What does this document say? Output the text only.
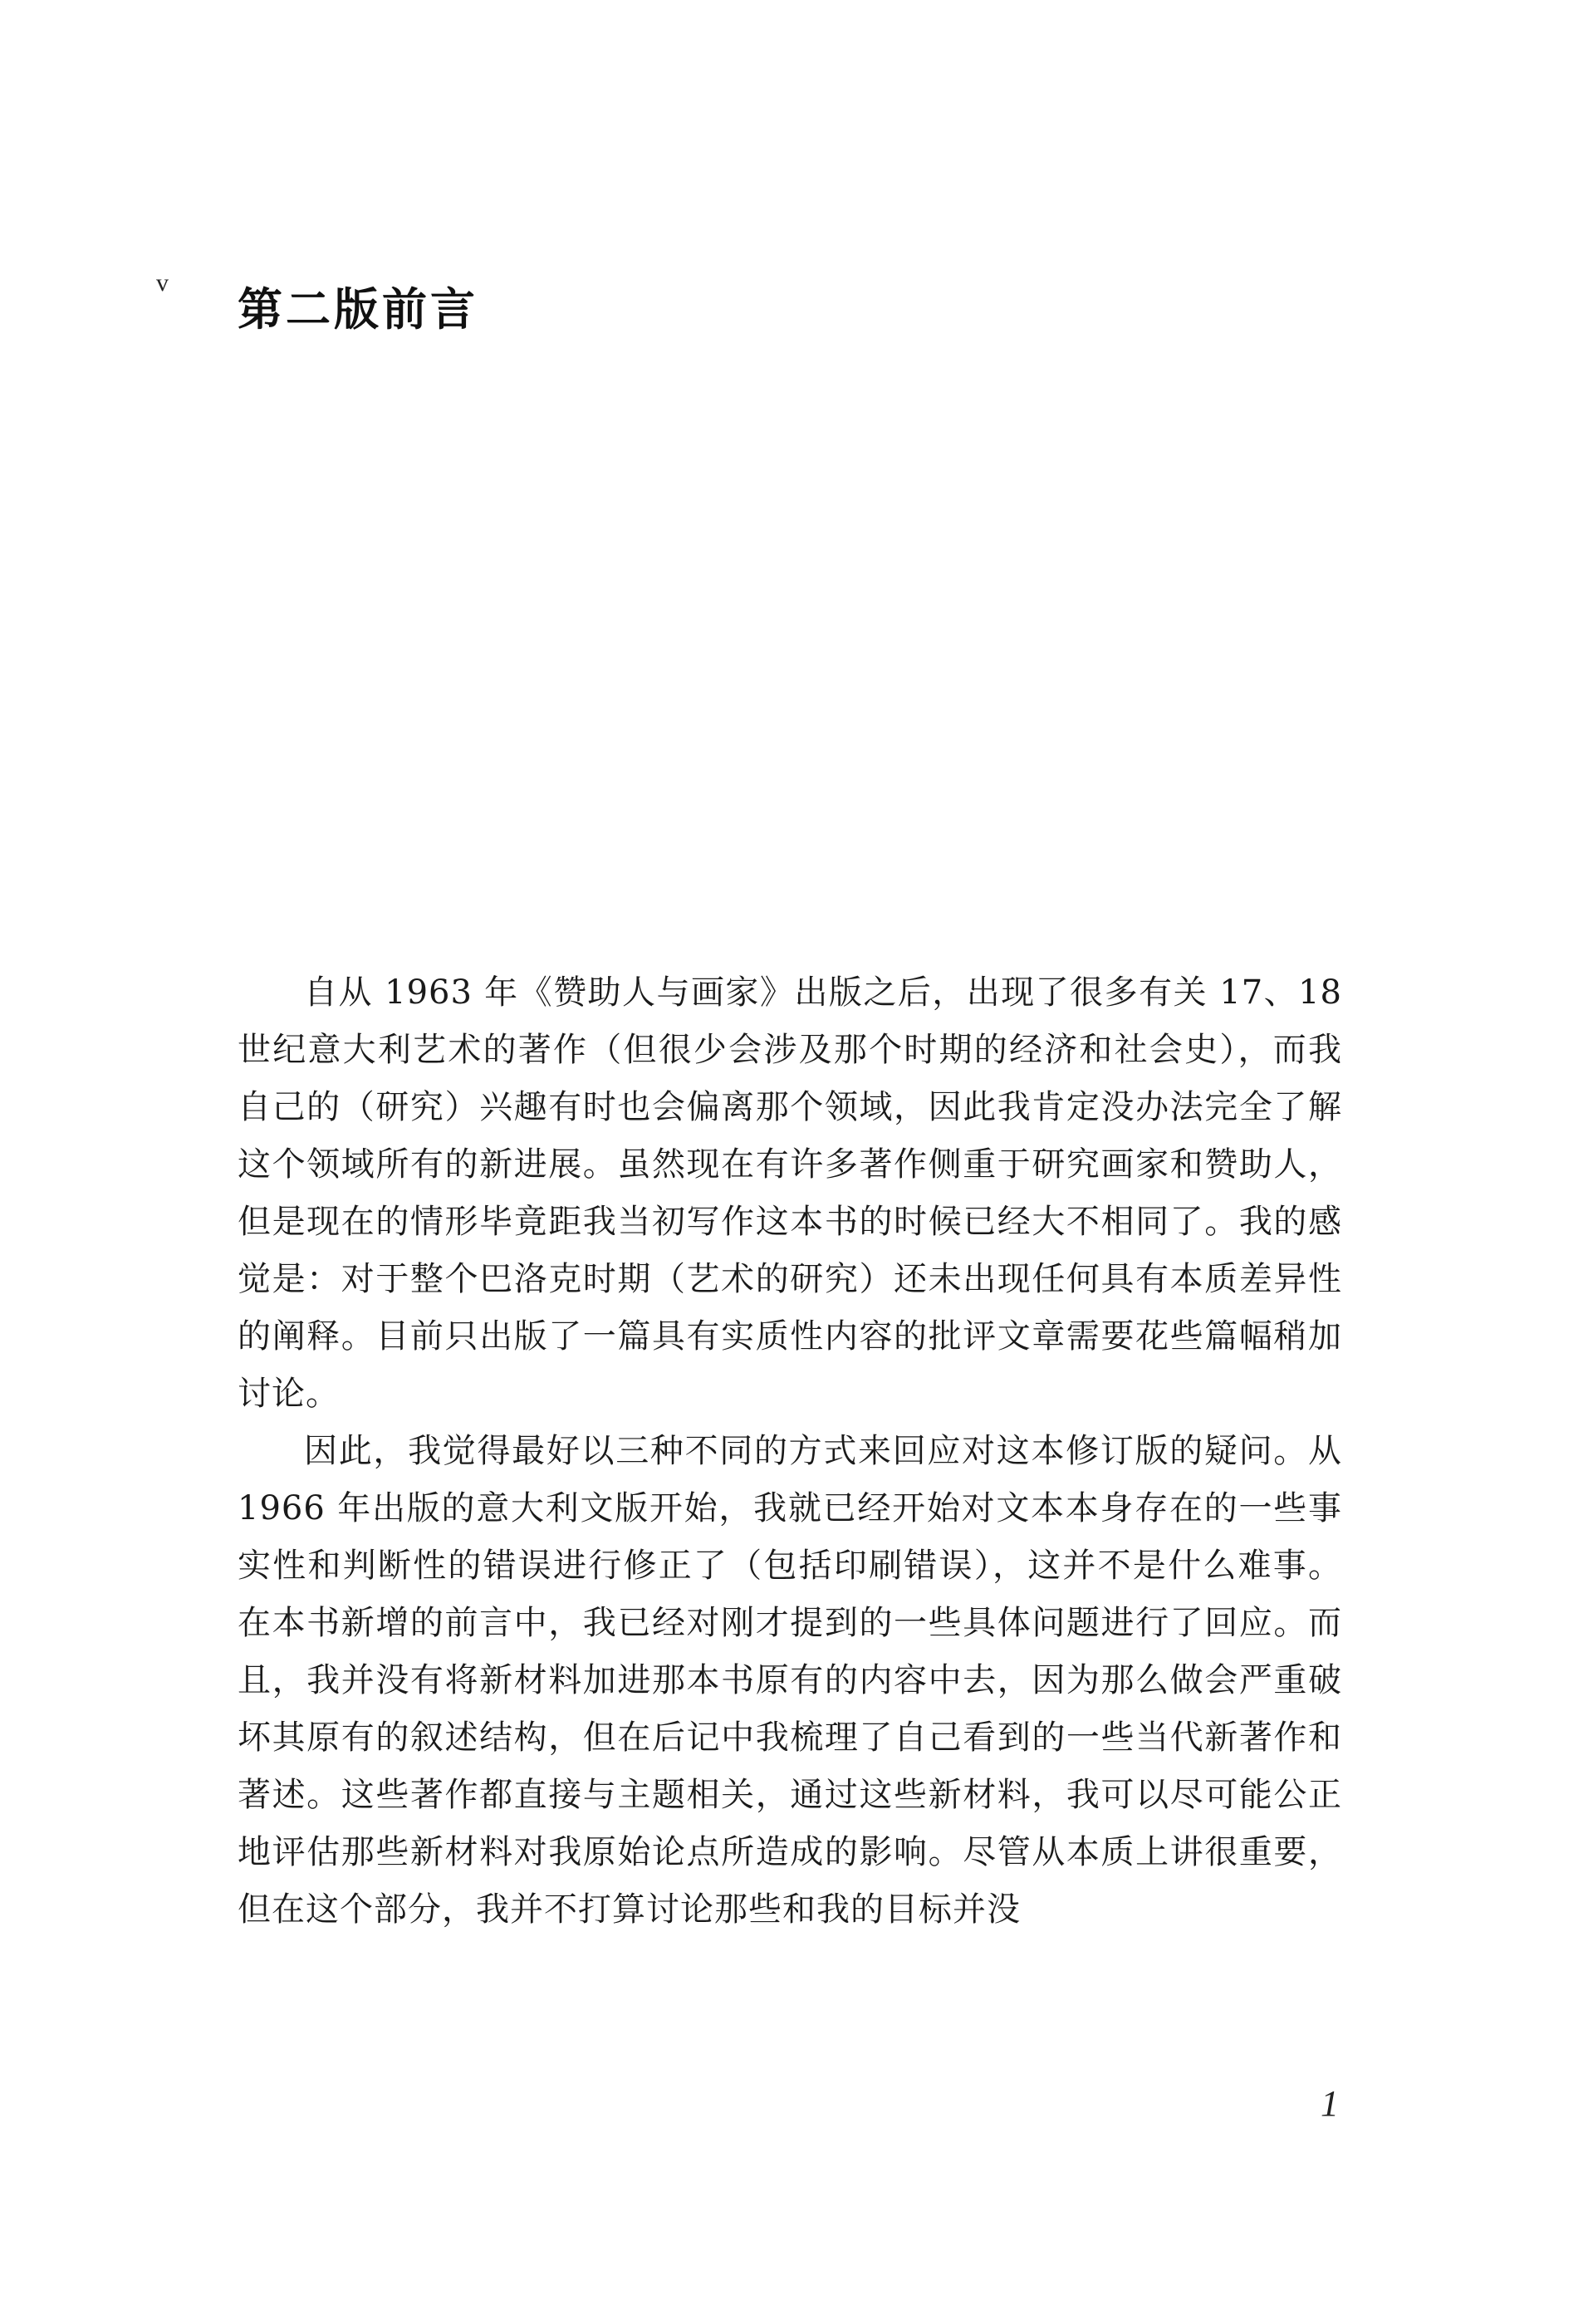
v 第二版前言

自从 1963 年《赞助人与画家》出版之后，出现了很多有关 17、18 世纪意大利艺术的著作（但很少会涉及那个时期的经济和社会史），而我自己的（研究）兴趣有时也会偏离那个领域，因此我肯定没办法完全了解这个领域所有的新进展。虽然现在有许多著作侧重于研究画家和赞助人，但是现在的情形毕竟距我当初写作这本书的时候已经大不相同了。我的感觉是：对于整个巴洛克时期（艺术的研究）还未出现任何具有本质差异性的阐释。目前只出版了一篇具有实质性内容的批评文章需要花些篇幅稍加讨论。

因此，我觉得最好以三种不同的方式来回应对这本修订版的疑问。从 1966 年出版的意大利文版开始，我就已经开始对文本本身存在的一些事实性和判断性的错误进行修正了（包括印刷错误），这并不是什么难事。在本书新增的前言中，我已经对刚才提到的一些具体问题进行了回应。而且，我并没有将新材料加进那本书原有的内容中去，因为那么做会严重破坏其原有的叙述结构，但在后记中我梳理了自己看到的一些当代新著作和著述。这些著作都直接与主题相关，通过这些新材料，我可以尽可能公正地评估那些新材料对我原始论点所造成的影响。尽管从本质上讲很重要，但在这个部分，我并不打算讨论那些和我的目标并没

1
